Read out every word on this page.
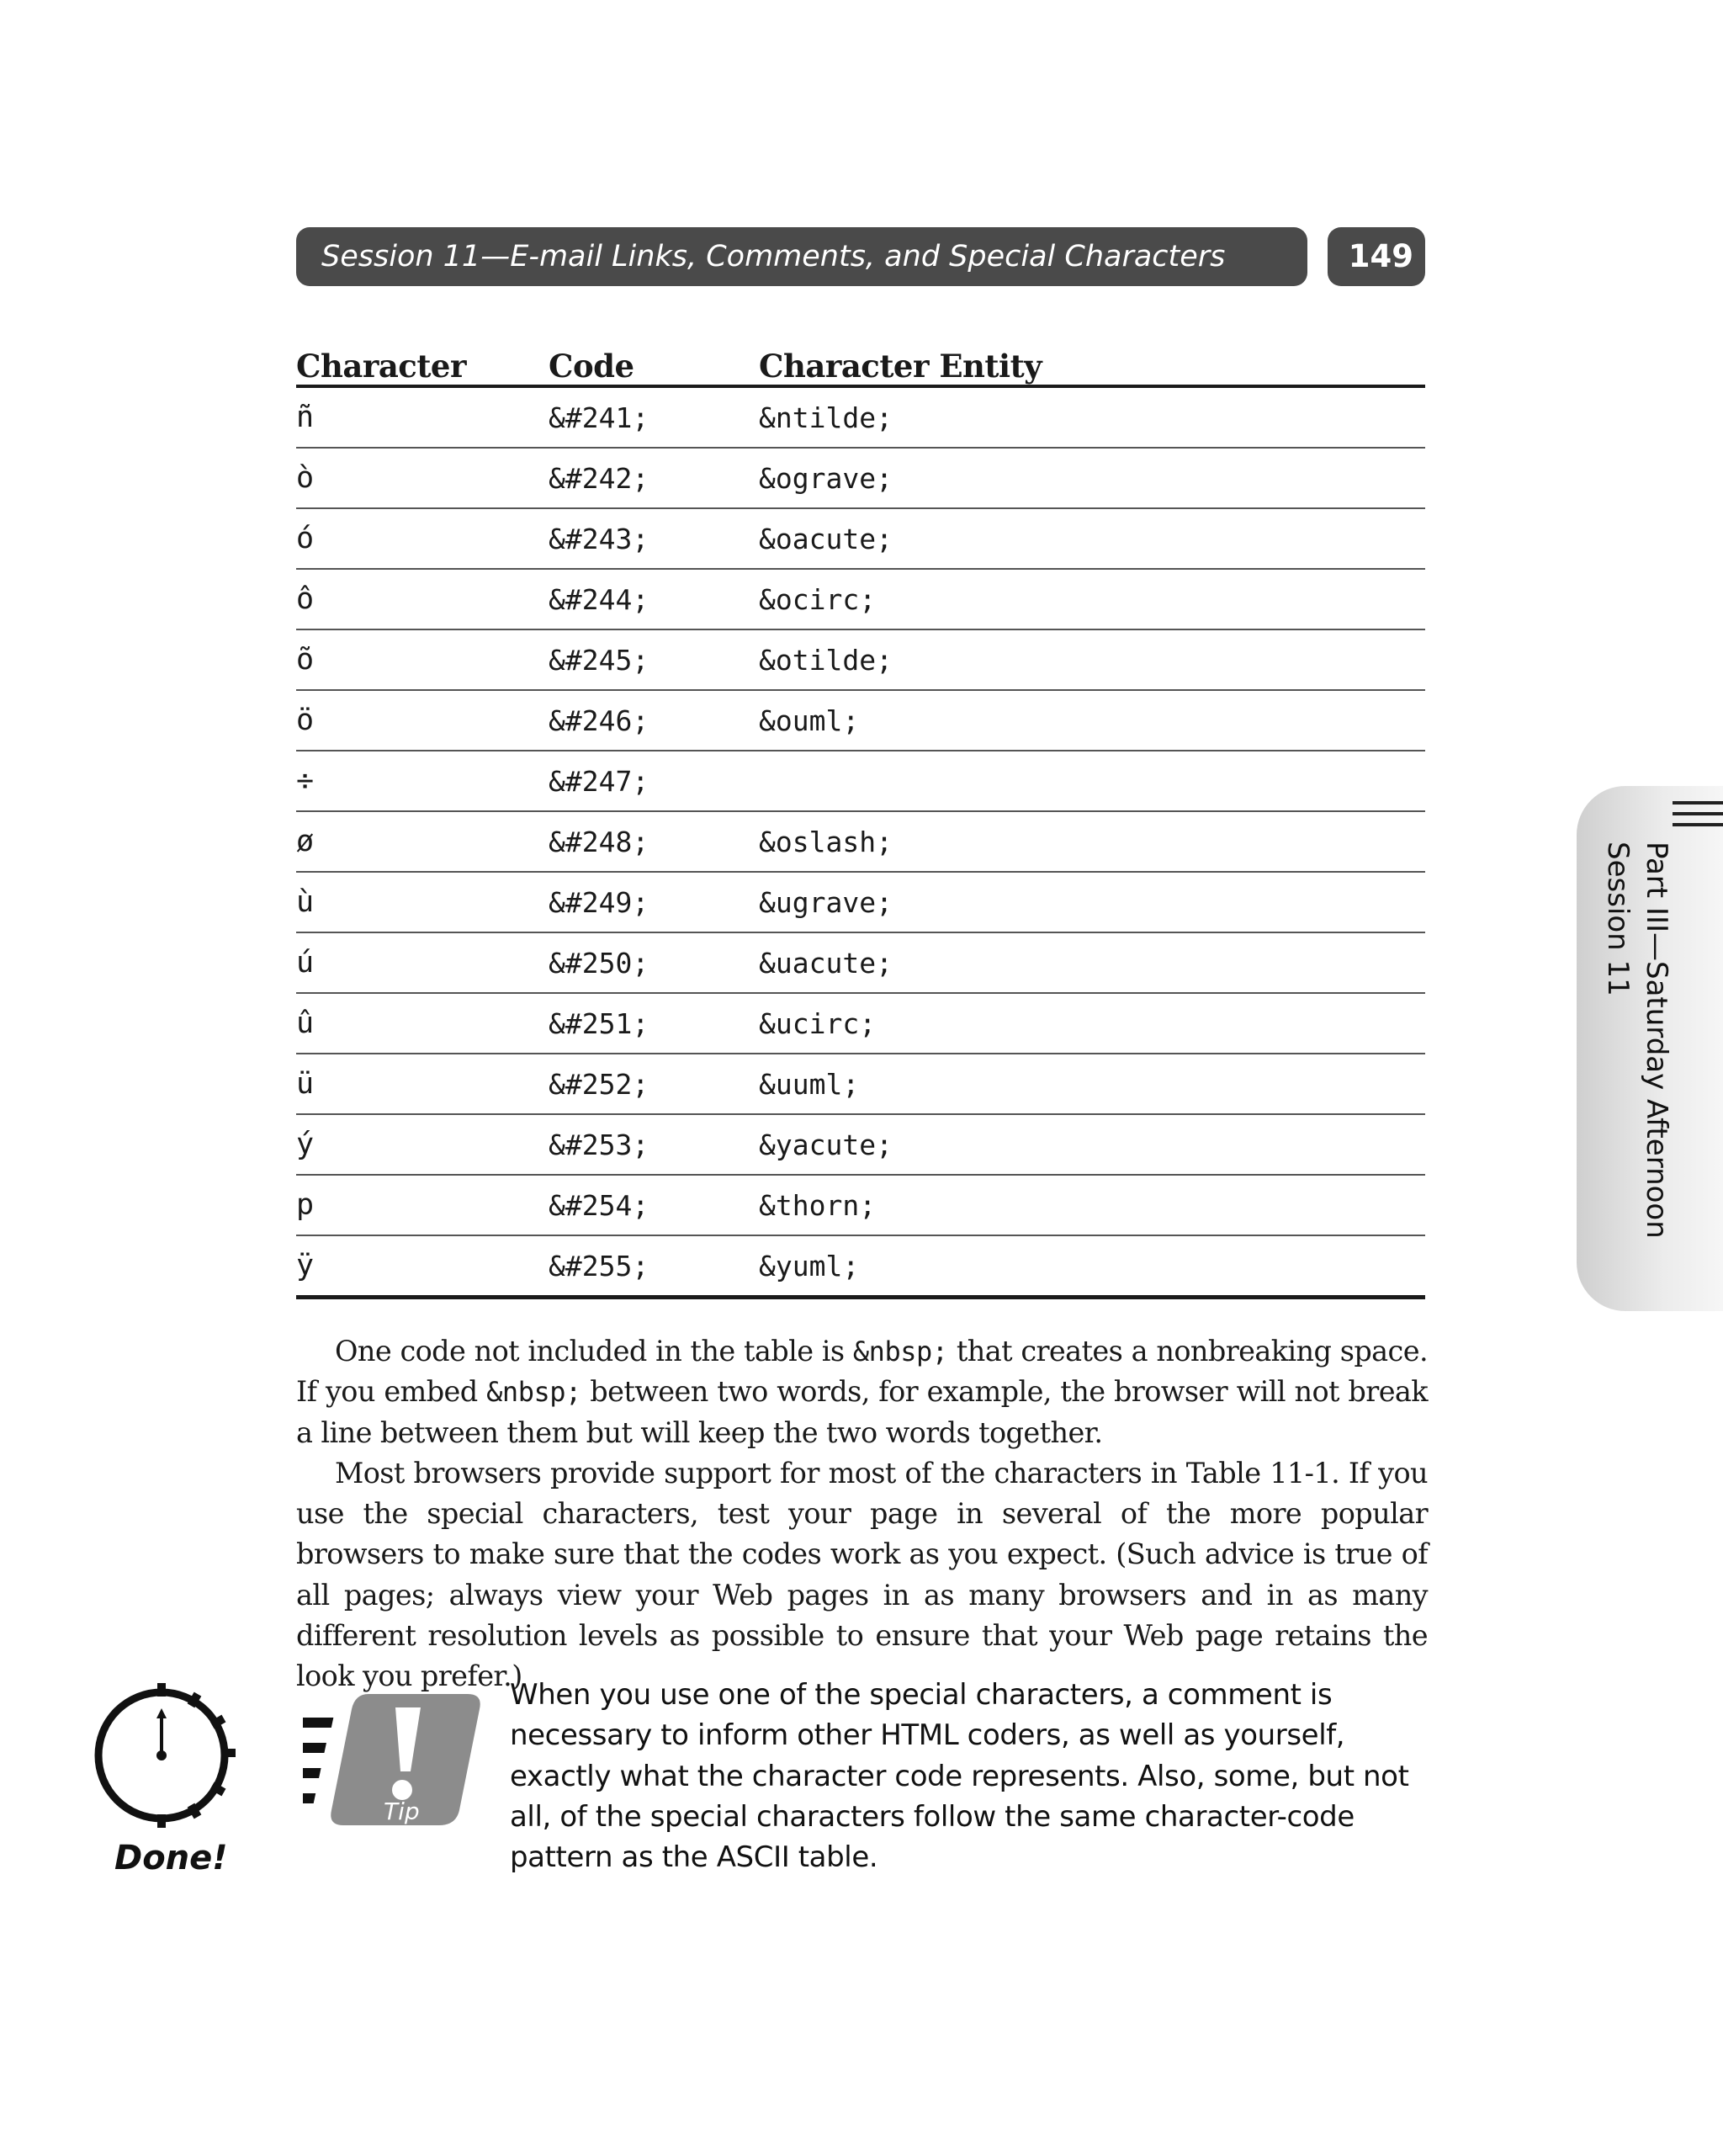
Session 11—E-mail Links, Comments, and Special Characters	149
Character	Code	Character Entity
ñ	&#241;	&ntilde;
ò	&#242;	&ograve;
ó	&#243;	&oacute;
ô	&#244;	&ocirc;
õ	&#245;	&otilde;
ö	&#246;	&ouml;
÷	&#247;	
ø	&#248;	&oslash;
ù	&#249;	&ugrave;
ú	&#250;	&uacute;
û	&#251;	&ucirc;
ü	&#252;	&uuml;
ý	&#253;	&yacute;
p	&#254;	&thorn;
ÿ	&#255;	&yuml;

One code not included in the table is &nbsp; that creates a nonbreaking space. If you embed &nbsp; between two words, for example, the browser will not break a line between them but will keep the two words together.

Most browsers provide support for most of the characters in Table 11-1. If you use the special characters, test your page in several of the more popular browsers to make sure that the codes work as you expect. (Such advice is true of all pages; always view your Web pages in as many browsers and in as many different resolution levels as possible to ensure that your Web page retains the look you prefer.)

Done!
Tip
When you use one of the special characters, a comment is necessary to inform other HTML coders, as well as yourself, exactly what the character code represents. Also, some, but not all, of the special characters follow the same character-code pattern as the ASCII table.
Part III—Saturday Afternoon
Session 11
